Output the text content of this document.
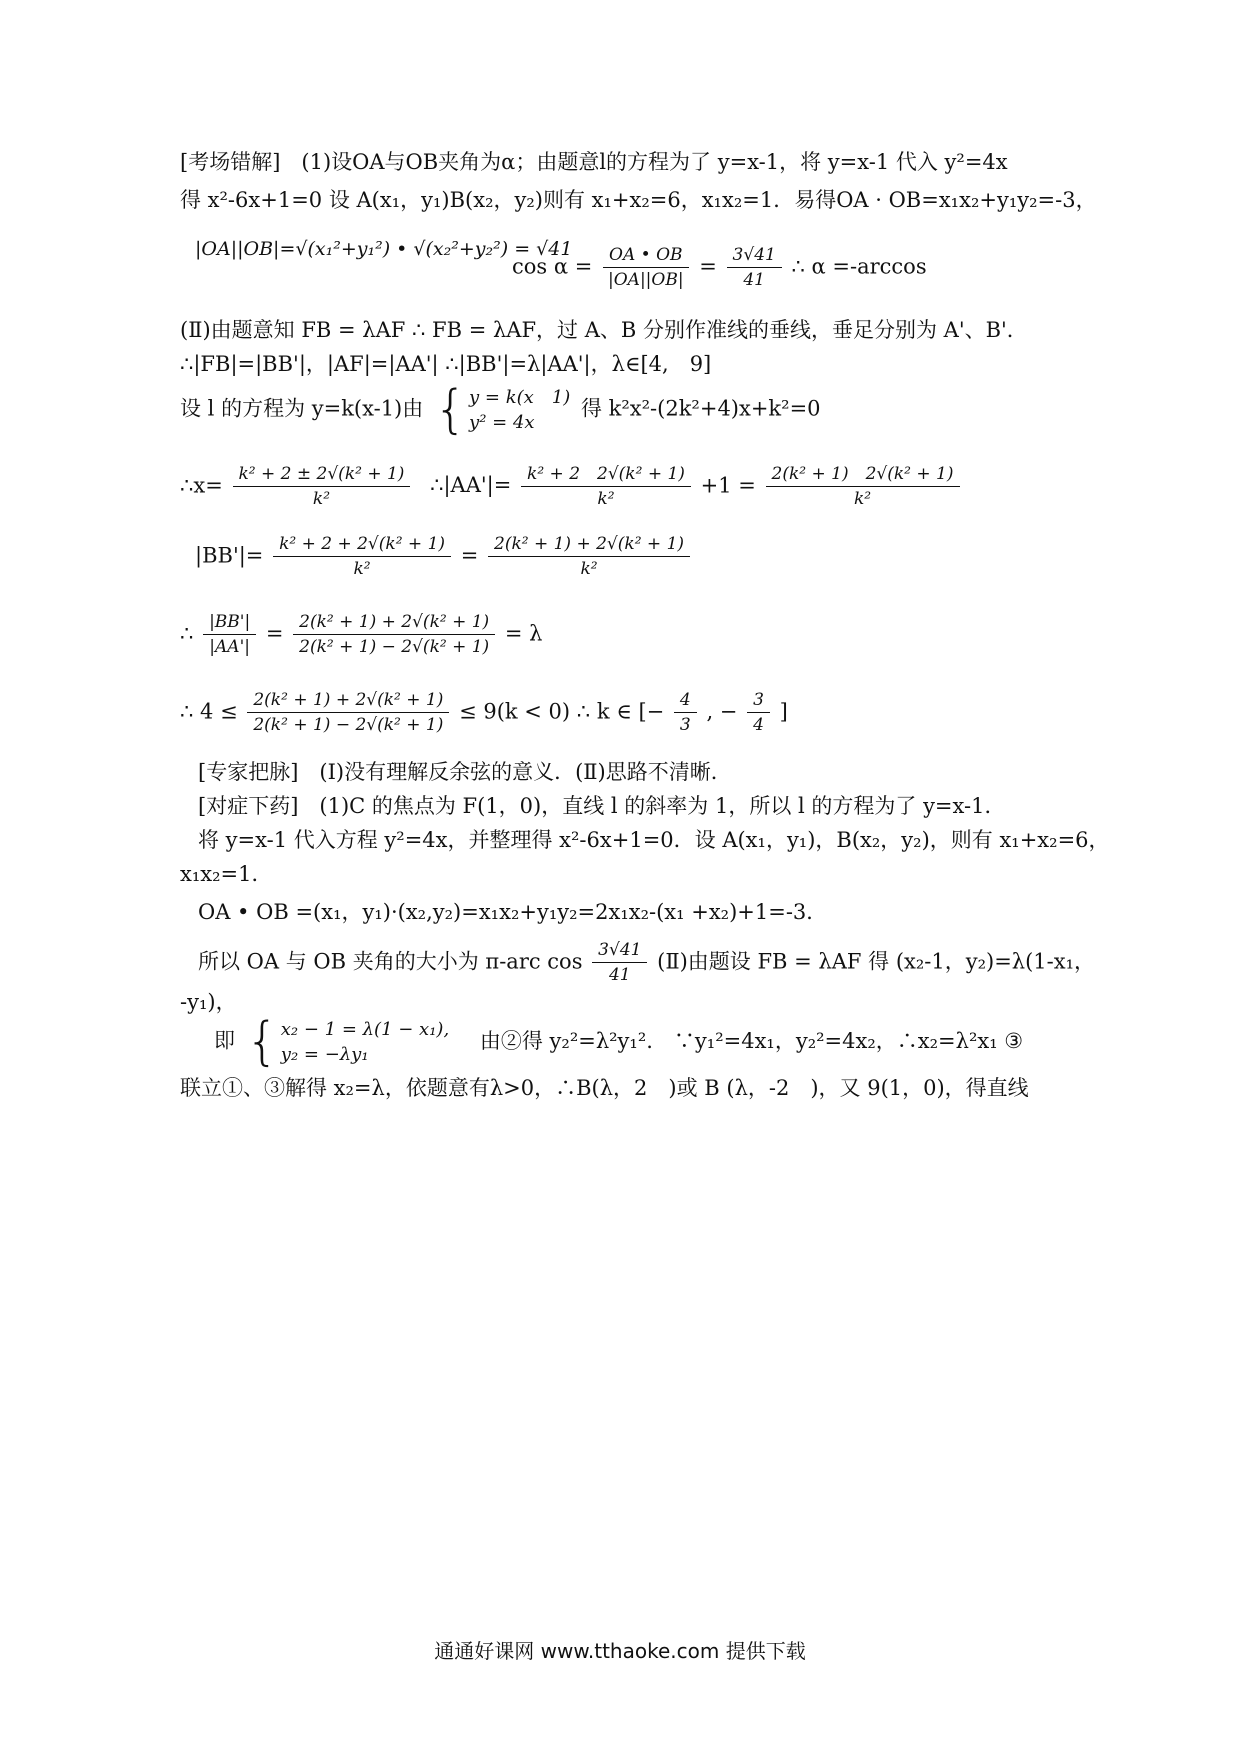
[考场错解]　(1)设OA与OB夹角为α；由题意l的方程为了 y=x-1，将 y=x-1 代入 y²=4x
得 x²-6x+1=0 设 A(x₁，y₁)B(x₂，y₂)则有 x₁+x₂=6，x₁x₂=1．易得OA · OB=x₁x₂+y₁y₂=-3，
|OA||OB|=√(x₁²+y₁²) • √(x₂²+y₂²) = √41
$\cos \alpha = \frac{OA • OB}{|OA||OB|} = \frac{3√41}{41}$ ∴ α =-arccos
(Ⅱ)由题意知 FB = λAF ∴ FB = λAF，过 A、B 分别作准线的垂线，垂足分别为 A'、B'．
∴|FB|=|BB'|，|AF|=|AA'| ∴|BB'|=λ|AA'|，λ∈[4,　9]
设 l 的方程为 y=k(x-1)由 { y = k(x　1)
y² = 4x
得 k²x²-(2k²+4)x+k²=0
∴x= $\frac{\text{k² + 2 ± 2√(k² + 1)}}{\text{k²}}$ ∴|AA'|= $\frac{\text{k² + 2　2√(k² + 1)}}{\text{k²}} +1 = \frac{\text{2(k² + 1)　2√(k² + 1)}}{\text{k²}}$
$|BB'|= \frac{\text{k² + 2 + 2√(k² + 1)}}{\text{k²}} = \frac{\text{2(k² + 1) + 2√(k² + 1)}}{\text{k²}}$
∴ $\frac{|BB'|}{|AA'|} = \frac{\text{2(k² + 1) + 2√(k² + 1)}}{\text{2(k² + 1) − 2√(k² + 1)}} = \lambda$
∴ $4 \le \frac{\text{2(k² + 1) + 2√(k² + 1)}}{\text{2(k² + 1) − 2√(k² + 1)}} \le 9(k < 0)$ ∴ k ∈ [− $\frac{4}{3}$ , − $\frac{3}{4}$ ]
[专家把脉]　(Ⅰ)没有理解反余弦的意义．(Ⅱ)思路不清晰．
[对症下药]　(1)C 的焦点为 F(1，0)，直线 l 的斜率为 1，所以 l 的方程为了 y=x-1．
将 y=x-1 代入方程 y²=4x，并整理得 x²-6x+1=0．设 A(x₁，y₁)，B(x₂，y₂)，则有 x₁+x₂=6，
x₁x₂=1．
OA • OB =(x₁，y₁)·(x₂,y₂)=x₁x₂+y₁y₂=2x₁x₂-(x₁ +x₂)+1=-3．
所以 OA 与 OB 夹角的大小为 π-arc $\cos \frac{3√41}{41}$ (Ⅱ)由题设 FB = λAF 得 (x₂-1，y₂)=λ(1-x₁，
-y₁)，
即 { x₂ − 1 = λ(1 − x₁),
y₂ = −λy₁
由②得 y₂²=λ²y₁².　∵y₁²=4x₁，y₂²=4x₂，∴x₂=λ²x₁ ③
联立①、③解得 x₂=λ，依题意有λ>0，∴B(λ，2　)或 B (λ，-2　)，又 9(1，0)，得直线
通通好课网 www.tthaoke.com 提供下载
